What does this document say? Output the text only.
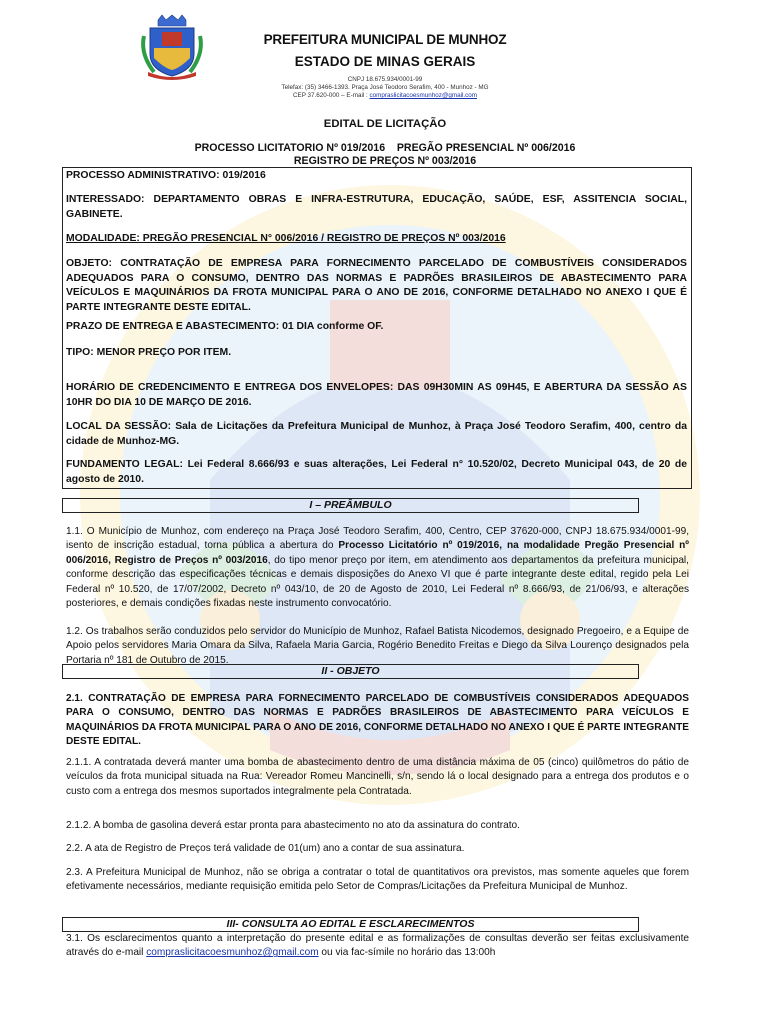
PREFEITURA MUNICIPAL DE MUNHOZ
ESTADO DE MINAS GERAIS
CNPJ 18.675.934/0001-99
Telefax: (35) 3466-1393. Praça José Teodoro Serafim, 400 - Munhoz - MG
CEP 37.620-000 – E-mail : compraslicitacoesmunhoz@gmail.com
EDITAL DE LICITAÇÃO
PROCESSO LICITATORIO Nº 019/2016    PREGÃO PRESENCIAL Nº 006/2016
REGISTRO DE PREÇOS Nº 003/2016
PROCESSO ADMINISTRATIVO: 019/2016
INTERESSADO: DEPARTAMENTO OBRAS E INFRA-ESTRUTURA, EDUCAÇÃO, SAÚDE, ESF, ASSITENCIA SOCIAL, GABINETE.
MODALIDADE: PREGÃO PRESENCIAL N° 006/2016 / REGISTRO DE PREÇOS Nº 003/2016
OBJETO: CONTRATAÇÃO DE EMPRESA PARA FORNECIMENTO PARCELADO DE COMBUSTÍVEIS CONSIDERADOS ADEQUADOS PARA O CONSUMO, DENTRO DAS NORMAS E PADRÕES BRASILEIROS DE ABASTECIMENTO PARA VEÍCULOS E MAQUINÁRIOS DA FROTA MUNICIPAL PARA O ANO DE 2016, CONFORME DETALHADO NO ANEXO I QUE É PARTE INTEGRANTE DESTE EDITAL.
PRAZO DE ENTREGA E ABASTECIMENTO: 01 DIA conforme OF.
TIPO: MENOR PREÇO POR ITEM.
HORÁRIO DE CREDENCIMENTO E ENTREGA DOS ENVELOPES: DAS 09H30MIN AS 09H45, E ABERTURA DA SESSÃO AS 10HR DO DIA 10 DE MARÇO DE 2016.
LOCAL DA SESSÃO: Sala de Licitações da Prefeitura Municipal de Munhoz, à Praça José Teodoro Serafim, 400, centro da cidade de Munhoz-MG.
FUNDAMENTO LEGAL: Lei Federal 8.666/93 e suas alterações, Lei Federal n° 10.520/02, Decreto Municipal 043, de 20 de agosto de 2010.
I – PREÂMBULO
1.1. O Município de Munhoz, com endereço na Praça José Teodoro Serafim, 400, Centro, CEP 37620-000, CNPJ 18.675.934/0001-99, isento de inscrição estadual, torna pública a abertura do Processo Licitatório nº 019/2016, na modalidade Pregão Presencial nº 006/2016, Registro de Preços nº 003/2016, do tipo menor preço por item, em atendimento aos departamentos da prefeitura municipal, conforme descrição das especificações técnicas e demais disposições do Anexo VI que é parte integrante deste edital, regido pela Lei Federal nº 10.520, de 17/07/2002, Decreto nº 043/10, de 20 de Agosto de 2010, Lei Federal nº 8.666/93, de 21/06/93, e alterações posteriores, e demais condições fixadas neste instrumento convocatório.
1.2. Os trabalhos serão conduzidos pelo servidor do Município de Munhoz, Rafael Batista Nicodemos, designado Pregoeiro, e a Equipe de Apoio pelos servidores Maria Omara da Silva, Rafaela Maria Garcia, Rogério Benedito Freitas e Diego da Silva Lourenço designados pela Portaria nº 181 de Outubro de 2015.
II - OBJETO
2.1. CONTRATAÇÃO DE EMPRESA PARA FORNECIMENTO PARCELADO DE COMBUSTÍVEIS CONSIDERADOS ADEQUADOS PARA O CONSUMO, DENTRO DAS NORMAS E PADRÕES BRASILEIROS DE ABASTECIMENTO PARA VEÍCULOS E MAQUINÁRIOS DA FROTA MUNICIPAL PARA O ANO DE 2016, CONFORME DETALHADO NO ANEXO I QUE É PARTE INTEGRANTE DESTE EDITAL.
2.1.1. A contratada deverá manter uma bomba de abastecimento dentro de uma distância máxima de 05 (cinco) quilômetros do pátio de veículos da frota municipal situada na Rua: Vereador Romeu Mancinelli, s/n, sendo lá o local designado para a entrega dos produtos e o custo com a entrega dos mesmos suportados integralmente pela Contratada.
2.1.2. A bomba de gasolina deverá estar pronta para abastecimento no ato da assinatura do contrato.
2.2. A ata de Registro de Preços terá validade de 01(um) ano a contar de sua assinatura.
2.3. A Prefeitura Municipal de Munhoz, não se obriga a contratar o total de quantitativos ora previstos, mas somente aqueles que forem efetivamente necessários, mediante requisição emitida pelo Setor de Compras/Licitações da Prefeitura Municipal de Munhoz.
III- CONSULTA AO EDITAL E ESCLARECIMENTOS
3.1. Os esclarecimentos quanto a interpretação do presente edital e as formalizações de consultas deverão ser feitas exclusivamente através do e-mail compraslicitacoesmunhoz@gmail.com ou via fac-símile no horário das 13:00h
